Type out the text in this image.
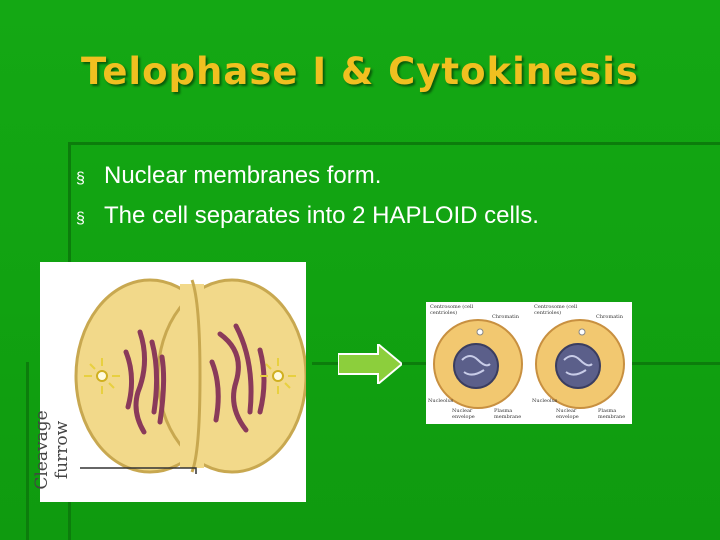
Telophase I & Cytokinesis
§ Nuclear membranes form.
§ The cell separates into 2 HAPLOID cells.
Cleavage furrow
Centrosome (cell centrioles)
Chromatin
Nucleolus
Nuclear envelope
Plasma membrane
Centrosome (cell centrioles)
Chromatin
Nucleolus
Nuclear envelope
Plasma membrane
